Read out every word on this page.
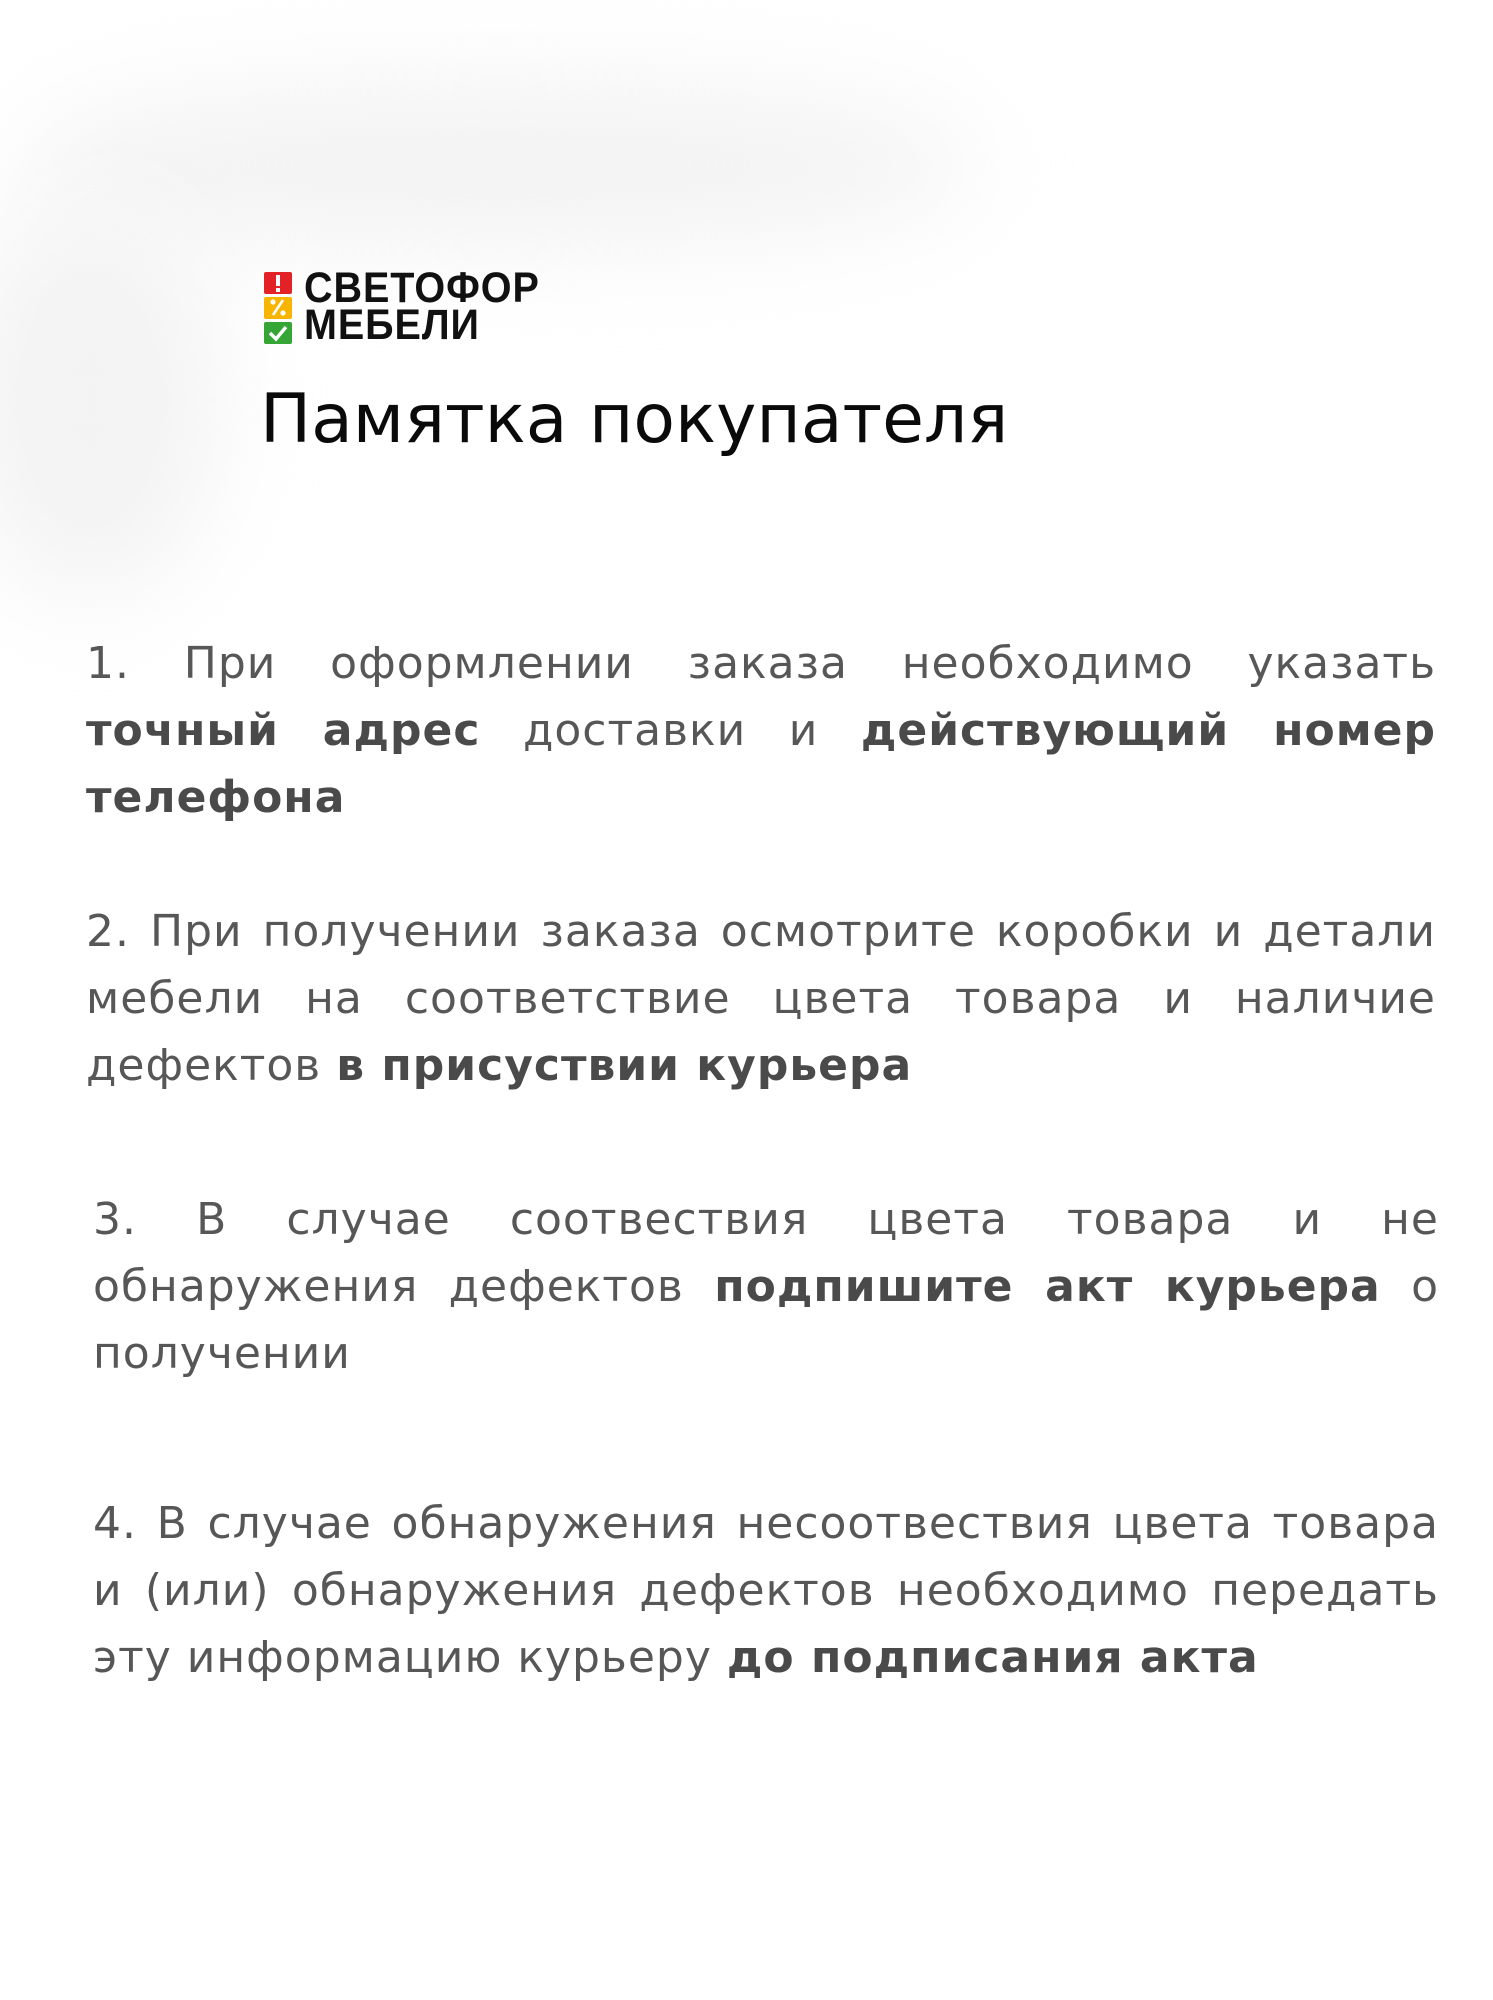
СВЕТОФОР
МЕБЕЛИ
Памятка покупателя

1. При оформлении заказа необходимо указать точный адрес доставки и действующий номер телефона

2. При получении заказа осмотрите коробки и детали мебели на соответствие цвета товара и наличие дефектов в присуствии курьера

3. В случае соотвествия цвета товара и не обнаружения дефектов подпишите акт курьера о получении

4. В случае обнаружения несоотвествия цвета товара и (или) обнаружения дефектов необходимо передать эту информацию курьеру до подписания акта
